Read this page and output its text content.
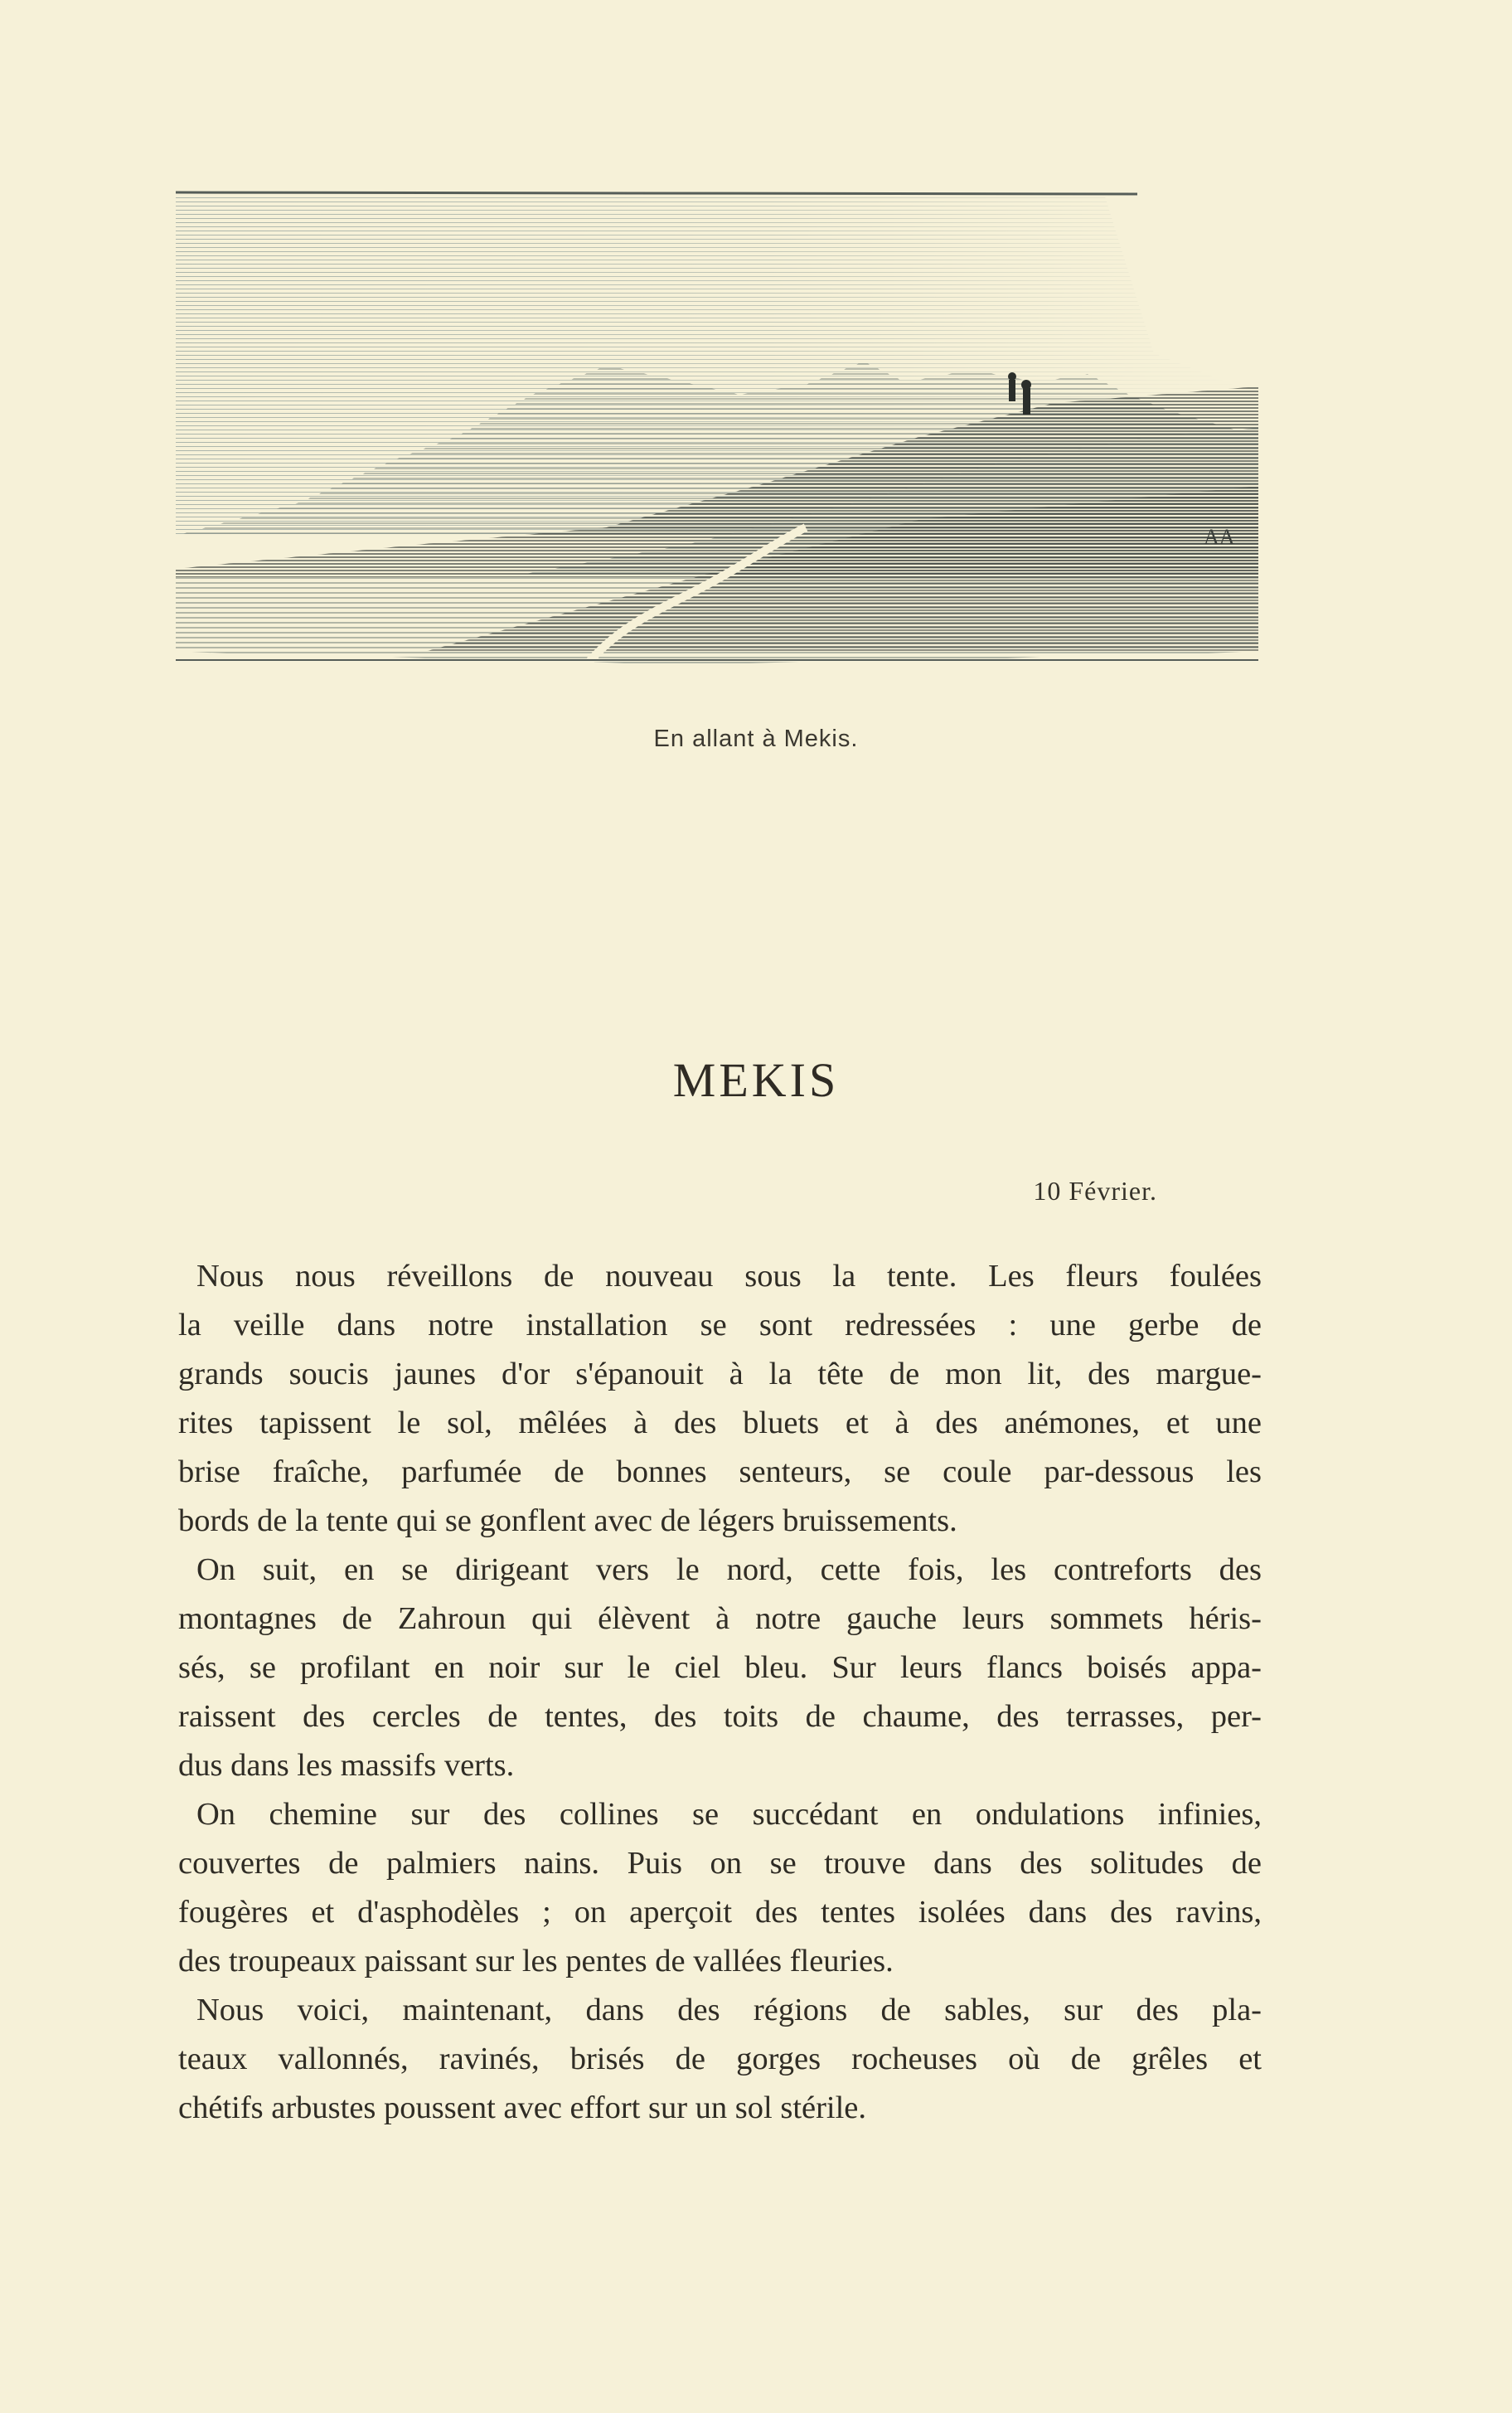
AA
En allant à Mekis.
MEKIS
10 Février.

Nous nous réveillons de nouveau sous la tente. Les fleurs foulées
la veille dans notre installation se sont redressées : une gerbe de
grands soucis jaunes d'or s'épanouit à la tête de mon lit, des margue-
rites tapissent le sol, mêlées à des bluets et à des anémones, et une
brise fraîche, parfumée de bonnes senteurs, se coule par-dessous les
bords de la tente qui se gonflent avec de légers bruissements.

On suit, en se dirigeant vers le nord, cette fois, les contreforts des
montagnes de Zahroun qui élèvent à notre gauche leurs sommets héris-
sés, se profilant en noir sur le ciel bleu. Sur leurs flancs boisés appa-
raissent des cercles de tentes, des toits de chaume, des terrasses, per-
dus dans les massifs verts.

On chemine sur des collines se succédant en ondulations infinies,
couvertes de palmiers nains. Puis on se trouve dans des solitudes de
fougères et d'asphodèles ; on aperçoit des tentes isolées dans des ravins,
des troupeaux paissant sur les pentes de vallées fleuries.

Nous voici, maintenant, dans des régions de sables, sur des pla-
teaux vallonnés, ravinés, brisés de gorges rocheuses où de grêles et
chétifs arbustes poussent avec effort sur un sol stérile.
